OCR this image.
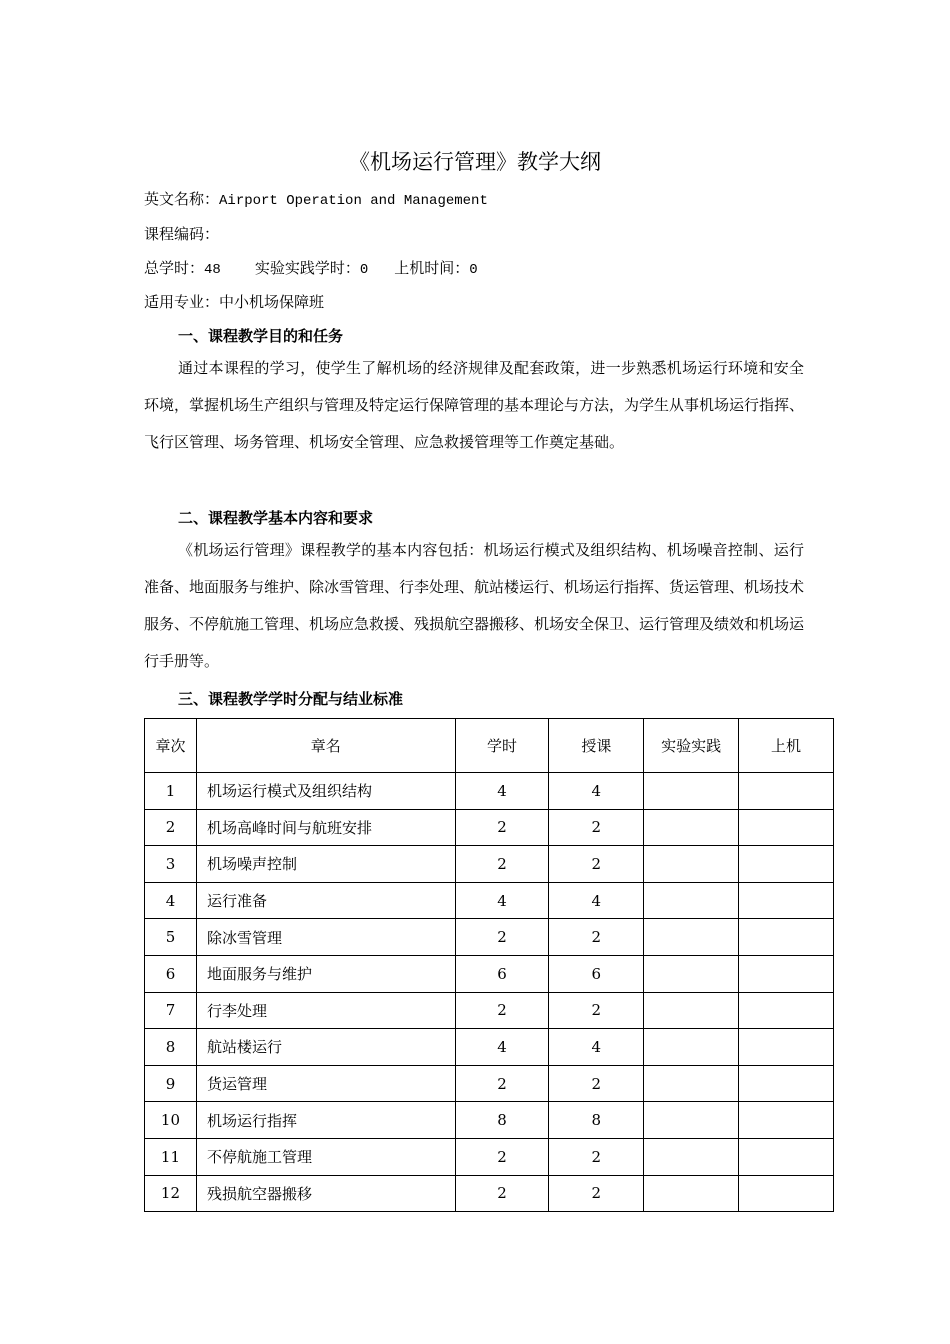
《机场运行管理》教学大纲
英文名称：Airport Operation and Management
课程编码：
总学时：48 实验实践学时：0 上机时间：0
适用专业：中小机场保障班
一、课程教学目的和任务
通过本课程的学习，使学生了解机场的经济规律及配套政策，进一步熟悉机场运行环境和安全环境，掌握机场生产组织与管理及特定运行保障管理的基本理论与方法，为学生从事机场运行指挥、飞行区管理、场务管理、机场安全管理、应急救援管理等工作奠定基础。
二、课程教学基本内容和要求
《机场运行管理》课程教学的基本内容包括：机场运行模式及组织结构、机场噪音控制、运行准备、地面服务与维护、除冰雪管理、行李处理、航站楼运行、机场运行指挥、货运管理、机场技术服务、不停航施工管理、机场应急救援、残损航空器搬移、机场安全保卫、运行管理及绩效和机场运行手册等。
三、课程教学学时分配与结业标准
章次	章名	学时	授课	实验实践	上机
1	机场运行模式及组织结构	4	4		
2	机场高峰时间与航班安排	2	2		
3	机场噪声控制	2	2		
4	运行准备	4	4		
5	除冰雪管理	2	2		
6	地面服务与维护	6	6		
7	行李处理	2	2		
8	航站楼运行	4	4		
9	货运管理	2	2		
10	机场运行指挥	8	8		
11	不停航施工管理	2	2		
12	残损航空器搬移	2	2		
